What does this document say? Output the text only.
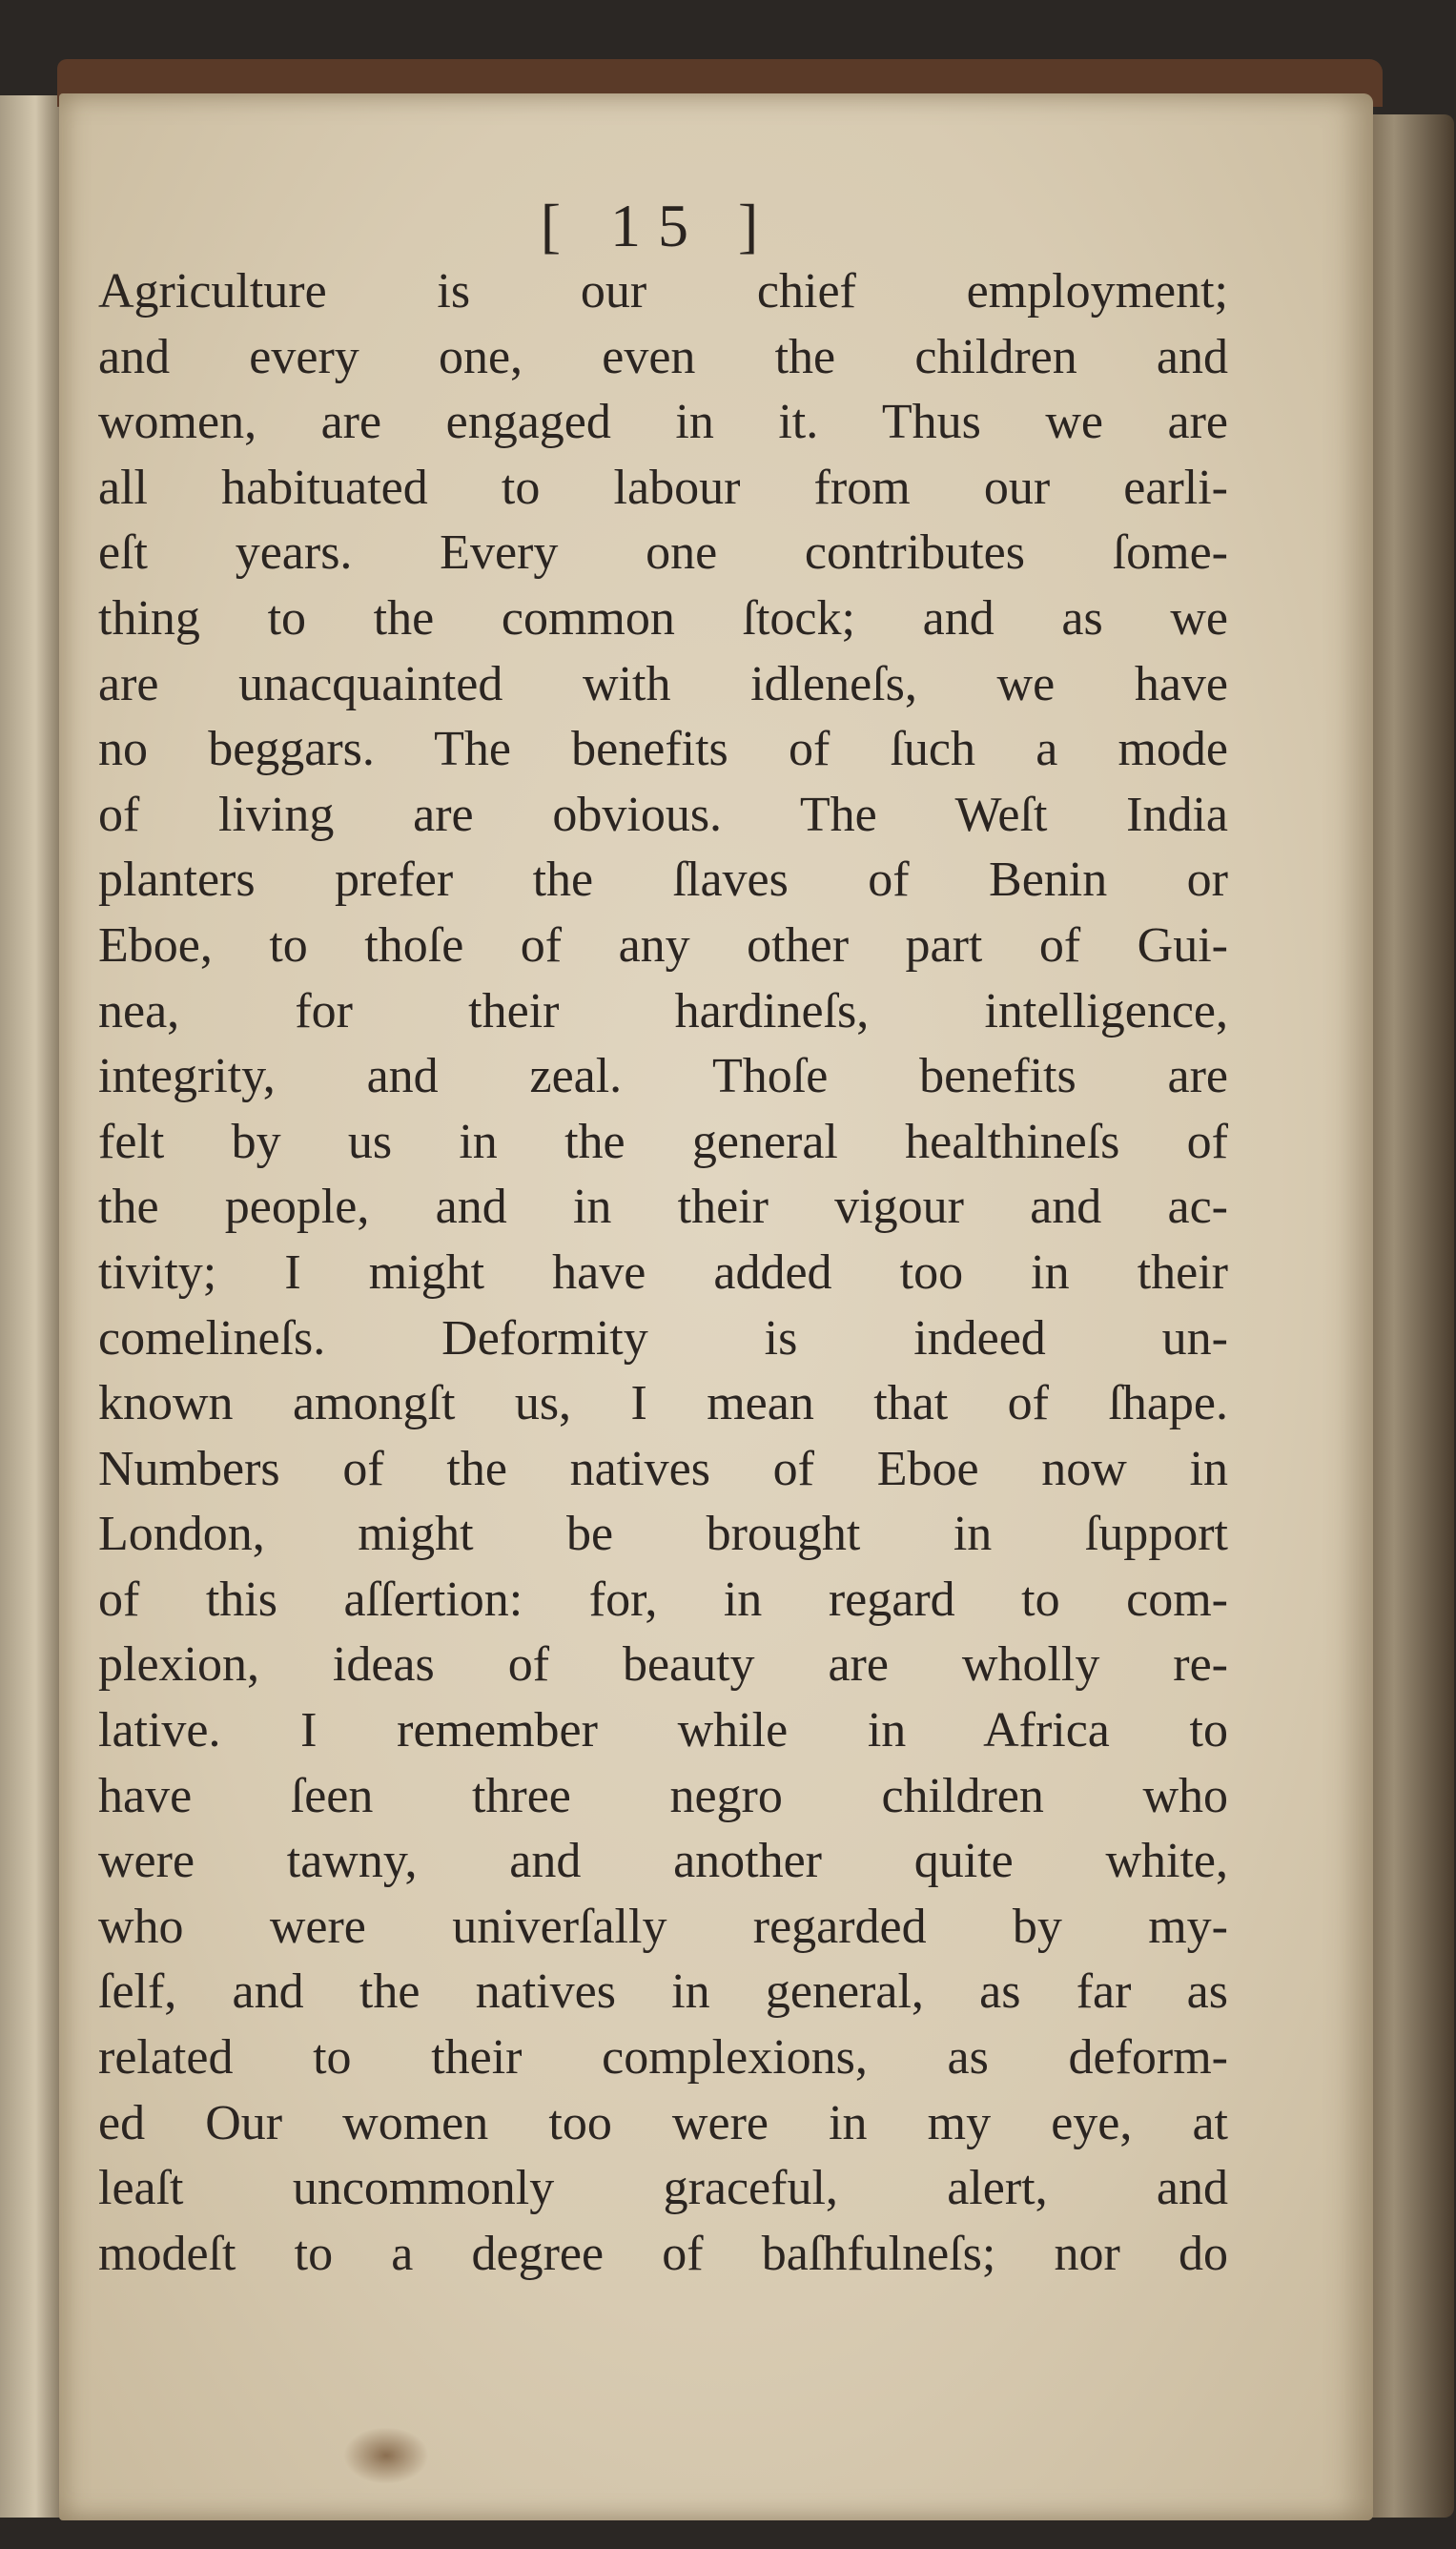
[ 15 ]
Agriculture is our chief employment;
and every one, even the children and
women, are engaged in it. Thus we are
all habituated to labour from our earli-
eſt years. Every one contributes ſome-
thing to the common ſtock; and as we
are unacquainted with idleneſs, we have
no beggars. The benefits of ſuch a mode
of living are obvious. The Weſt India
planters prefer the ſlaves of Benin or
Eboe, to thoſe of any other part of Gui-
nea, for their hardineſs, intelligence,
integrity, and zeal. Thoſe benefits are
felt by us in the general healthineſs of
the people, and in their vigour and ac-
tivity; I might have added too in their
comelineſs. Deformity is indeed un-
known amongſt us, I mean that of ſhape.
Numbers of the natives of Eboe now in
London, might be brought in ſupport
of this aſſertion: for, in regard to com-
plexion, ideas of beauty are wholly re-
lative. I remember while in Africa to
have ſeen three negro children who
were tawny, and another quite white,
who were univerſally regarded by my-
ſelf, and the natives in general, as far as
related to their complexions, as deform-
ed Our women too were in my eye, at
leaſt uncommonly graceful, alert, and
modeſt to a degree of baſhfulneſs; nor do
